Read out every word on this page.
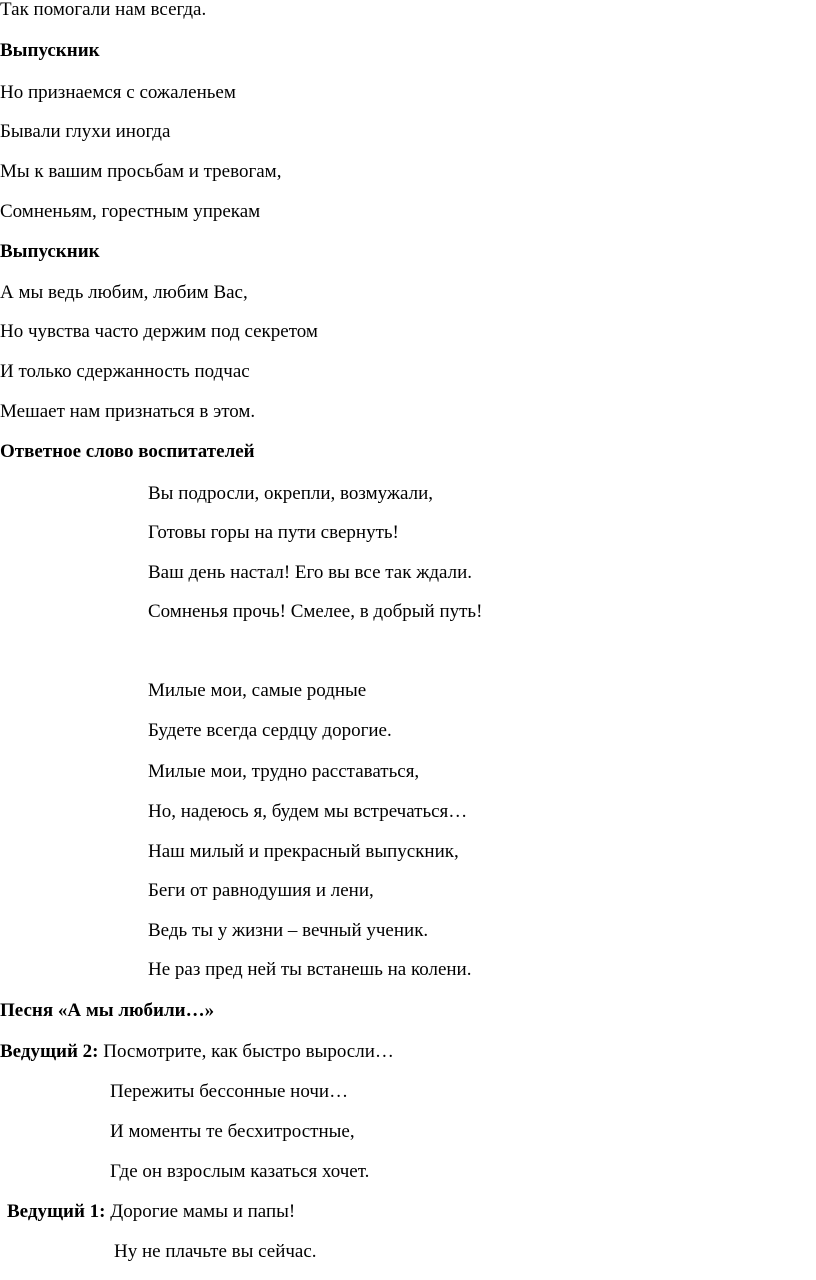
Так помогали нам всегда.
Выпускник
Но признаемся с сожаленьем
Бывали глухи иногда
Мы к вашим просьбам и тревогам,
Сомненьям, горестным упрекам
Выпускник
А мы ведь любим, любим Вас,
Но чувства часто держим под секретом
И только сдержанность подчас
Мешает нам признаться в этом.
Ответное слово воспитателей
Вы подросли, окрепли, возмужали,
Готовы горы на пути свернуть!
Ваш день настал! Его вы все так ждали.
Сомненья прочь! Смелее, в добрый путь!
Милые мои, самые родные
Будете всегда сердцу дорогие.
Милые мои, трудно расставаться,
Но, надеюсь я, будем мы встречаться…
Наш милый и прекрасный выпускник,
Беги от равнодушия и лени,
Ведь ты у жизни – вечный ученик.
Не раз пред ней ты встанешь на колени.
Песня «А мы любили…»
Ведущий 2: Посмотрите, как быстро выросли…
Пережиты бессонные ночи…
И моменты те бесхитростные,
Где он взрослым казаться хочет.
Ведущий 1: Дорогие мамы и папы!
Ну не плачьте вы сейчас.
